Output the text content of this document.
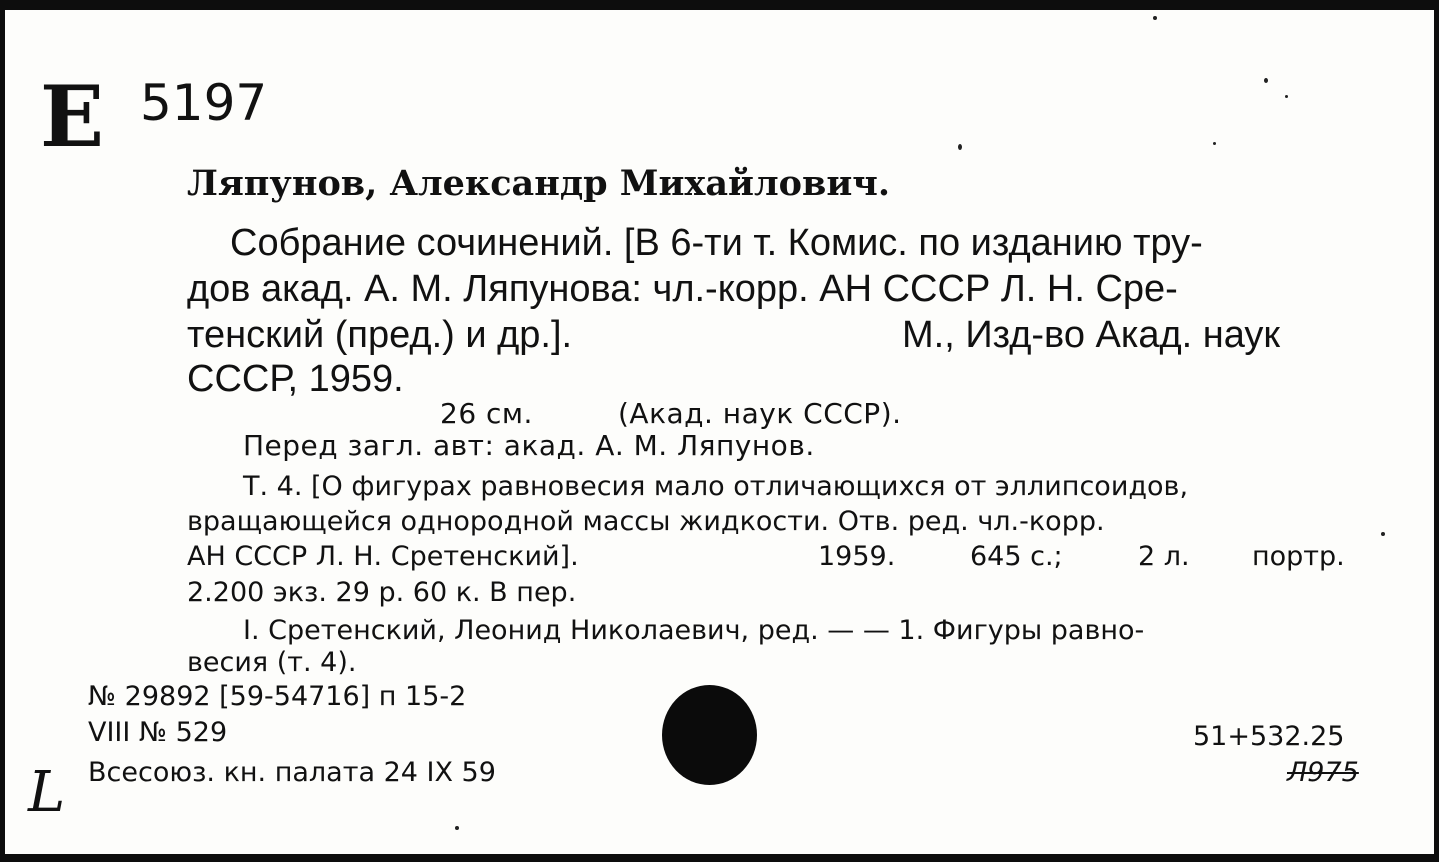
Е 5197
Ляпунов, Александр Михайлович.
Собрание сочинений. [В 6-ти т. Комис. по изданию тру-
дов акад. А. М. Ляпунова: чл.-корр. АН СССР Л. Н. Сре-
тенский (пред.) и др.].	М., Изд-во Акад. наук
СССР, 1959.
26 см.	(Акад. наук СССР).
Перед загл. авт: акад. А. М. Ляпунов.
Т. 4. [О фигурах равновесия мало отличающихся от эллипсоидов,
вращающейся однородной массы жидкости. Отв. ред. чл.-корр.
АН СССР Л. Н. Сретенский].	1959.	645 с.;	2 л. портр.
2.200 экз. 29 р. 60 к. В пер.
I. Сретенский, Леонид Николаевич, ред. — — 1. Фигуры равно-
весия (т. 4).
№ 29892 [59-54716] п 15-2
VIII № 529
Всесоюз. кн. палата 24 IX 59
51+532.25
Л975
L
